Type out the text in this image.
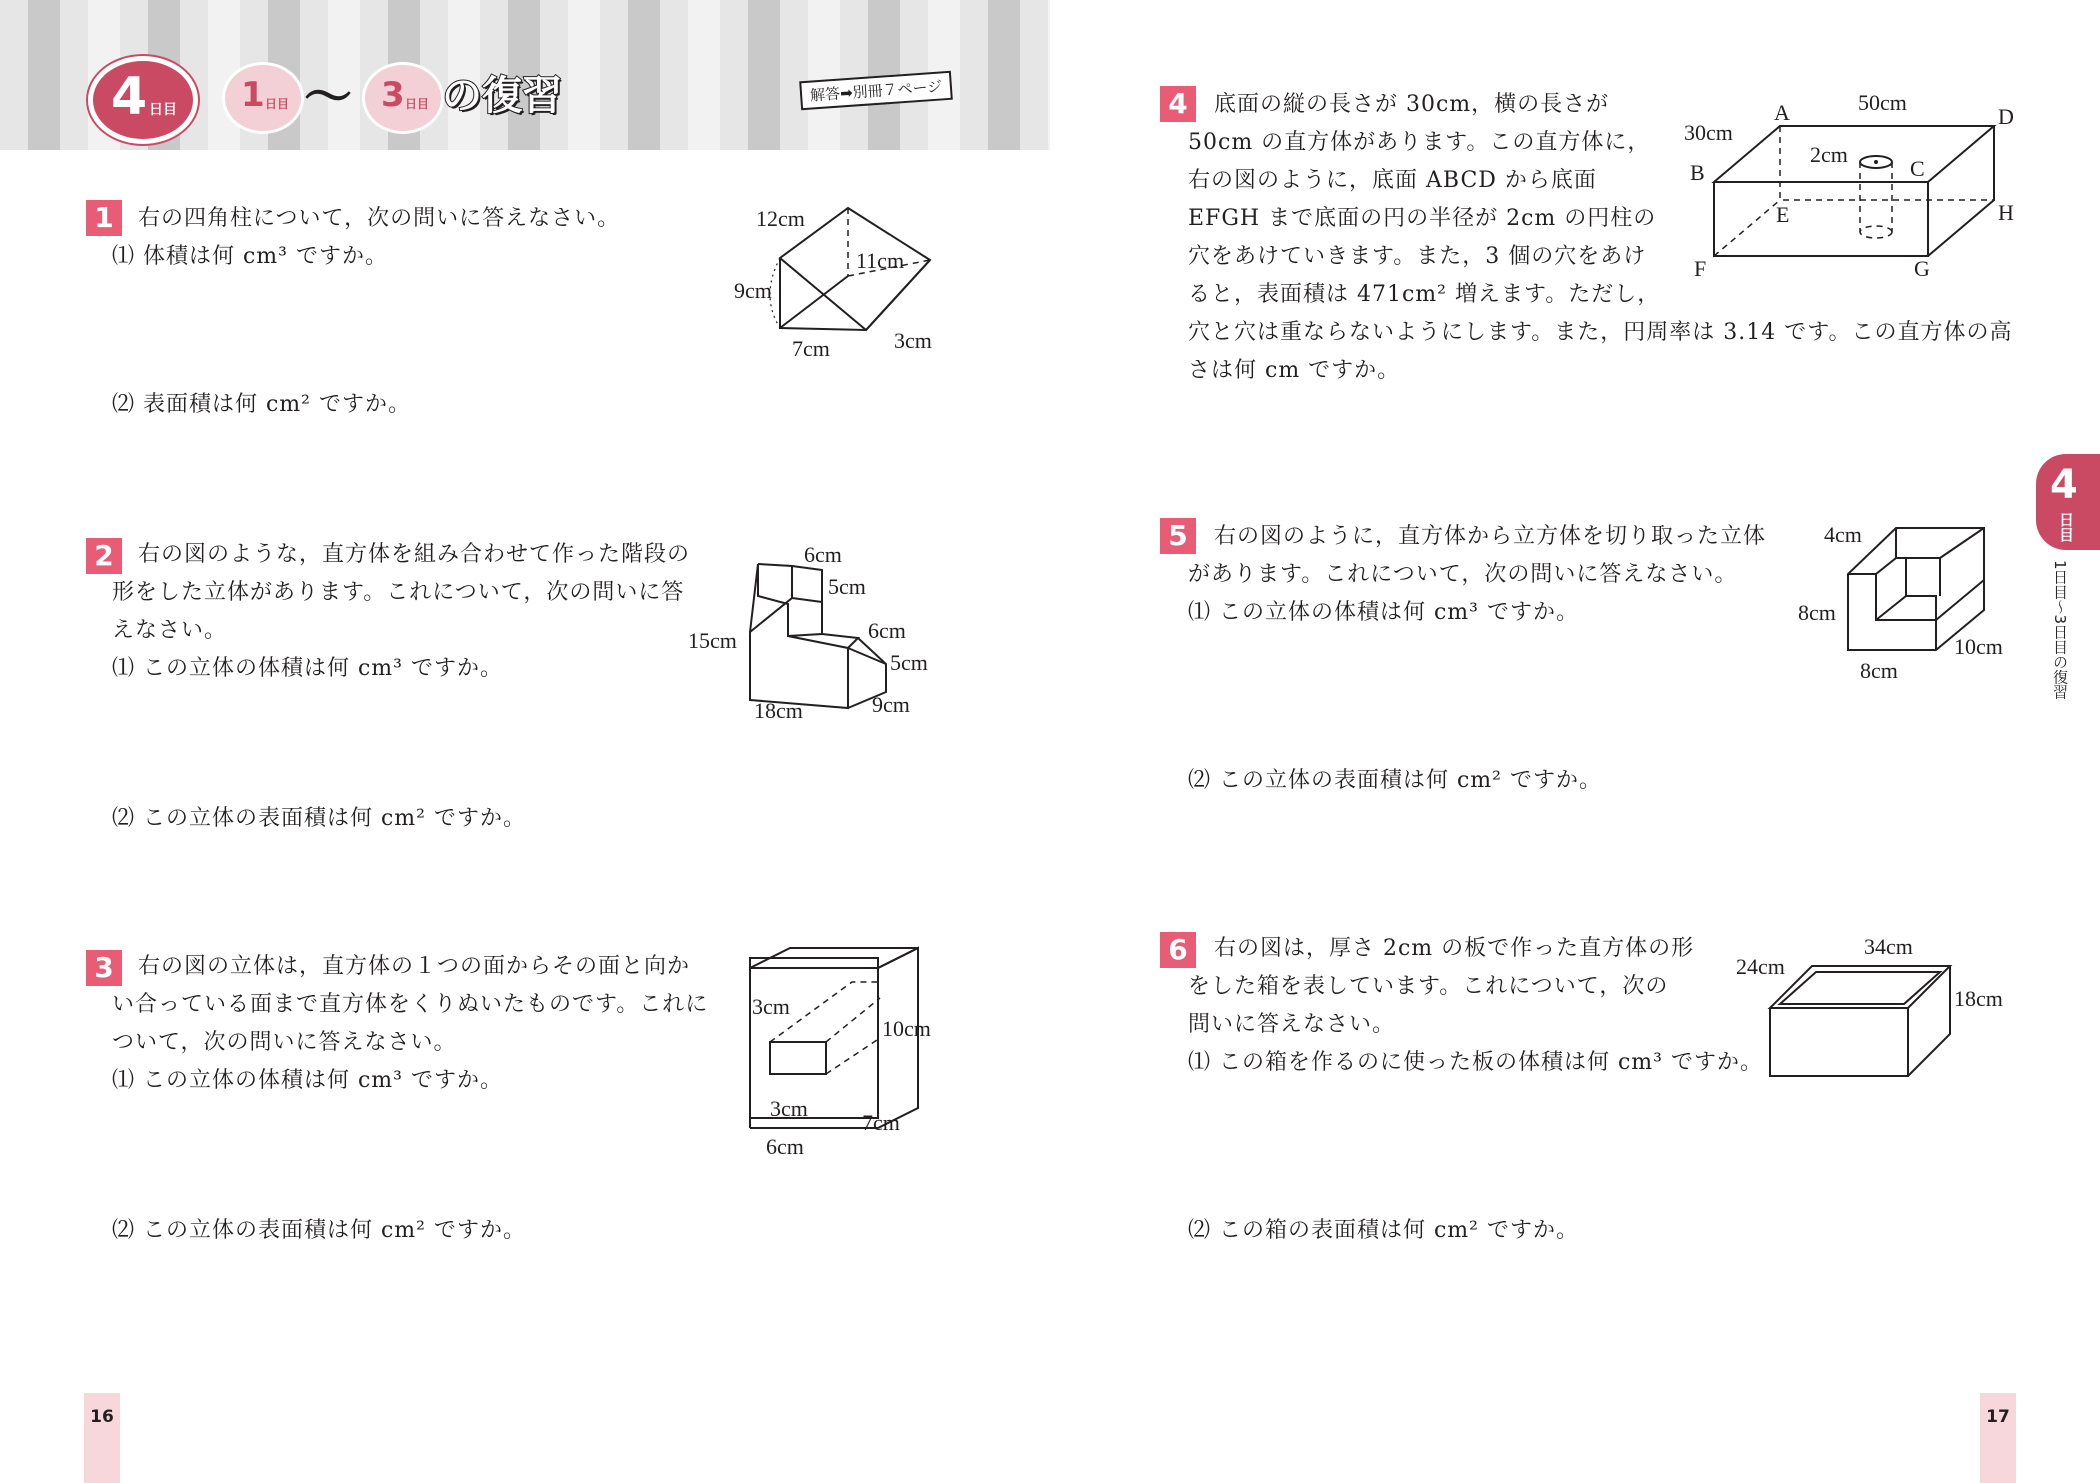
4 日目 1 日目 〜 3 日目 の復習	解答➡別冊７ページ
1	右の四角柱について，次の問いに答えなさい。
⑴ 体積は何 cm³ ですか。
⑵ 表面積は何 cm² ですか。
12cm
11cm
9cm
3cm
7cm
2	右の図のような，直方体を組み合わせて作った階段の
形をした立体があります。これについて，次の問いに答
えなさい。
⑴ この立体の体積は何 cm³ ですか。
⑵ この立体の表面積は何 cm² ですか。
6cm
5cm
6cm
5cm
15cm
18cm	9cm
3	右の図の立体は，直方体の１つの面からその面と向か
い合っている面まで直方体をくりぬいたものです。これに
ついて，次の問いに答えなさい。
⑴ この立体の体積は何 cm³ ですか。
⑵ この立体の表面積は何 cm² ですか。
3cm
10cm
3cm
7cm
6cm
4	底面の縦の長さが 30cm，横の長さが
50cm の直方体があります。この直方体に，
右の図のように，底面 ABCD から底面
EFGH まで底面の円の半径が 2cm の円柱の
穴をあけていきます。また，3 個の穴をあけ
ると，表面積は 471cm² 増えます。ただし，
穴と穴は重ならないようにします。また，円周率は 3.14 です。この直方体の高
さは何 cm ですか。
A	50cm
D
30cm
2cm
B	C
E	H
F	G
5	右の図のように，直方体から立方体を切り取った立体
があります。これについて，次の問いに答えなさい。
⑴ この立体の体積は何 cm³ ですか。
⑵ この立体の表面積は何 cm² ですか。
4cm
8cm
8cm
10cm
6	右の図は，厚さ 2cm の板で作った直方体の形
をした箱を表しています。これについて，次の
問いに答えなさい。
⑴ この箱を作るのに使った板の体積は何 cm³ ですか。
⑵ この箱の表面積は何 cm² ですか。
34cm
24cm
18cm
4
日目
1日目〜3日目の復習
16	17
